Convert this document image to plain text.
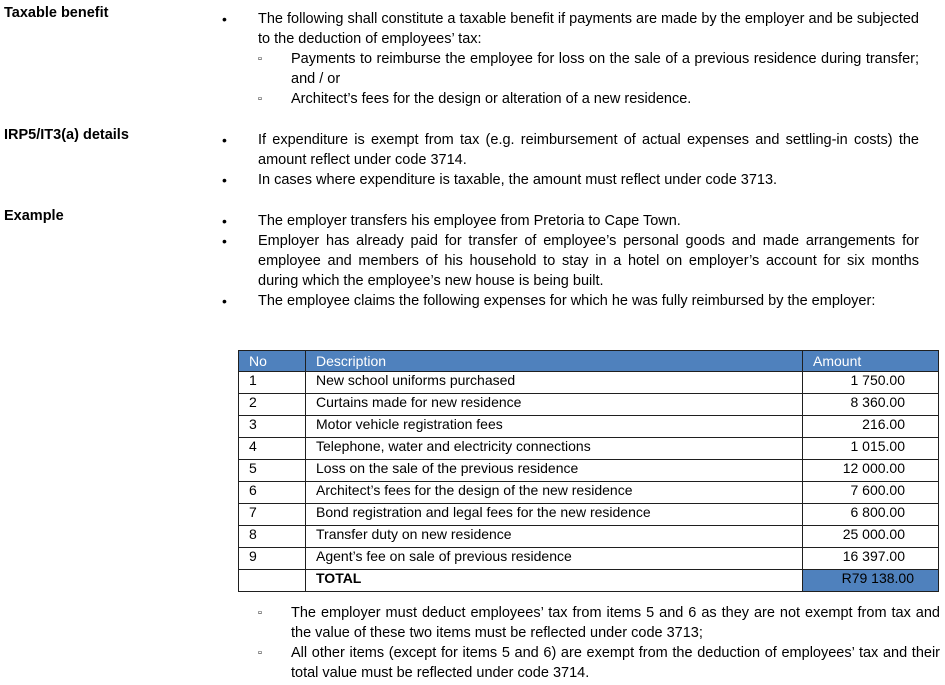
Taxable benefit	• The following shall constitute a taxable benefit if payments are made by the employer and be subjected to the deduction of employees’ tax:
▫ Payments to reimburse the employee for loss on the sale of a previous residence during transfer; and / or
▫ Architect’s fees for the design or alteration of a new residence.
IRP5/IT3(a) details	• If expenditure is exempt from tax (e.g. reimbursement of actual expenses and settling-in costs) the amount reflect under code 3714.
• In cases where expenditure is taxable, the amount must reflect under code 3713.
Example	• The employer transfers his employee from Pretoria to Cape Town.
• Employer has already paid for transfer of employee’s personal goods and made arrangements for employee and members of his household to stay in a hotel on employer’s account for six months during which the employee’s new house is being built.
• The employee claims the following expenses for which he was fully reimbursed by the employer:
No	Description	Amount
1	New school uniforms purchased	1 750.00
2	Curtains made for new residence	8 360.00
3	Motor vehicle registration fees	216.00
4	Telephone, water and electricity connections	1 015.00
5	Loss on the sale of the previous residence	12 000.00
6	Architect’s fees for the design of the new residence	7 600.00
7	Bond registration and legal fees for the new residence	6 800.00
8	Transfer duty on new residence	25 000.00
9	Agent’s fee on sale of previous residence	16 397.00
	TOTAL	R79 138.00
▫ The employer must deduct employees’ tax from items 5 and 6 as they are not exempt from tax and the value of these two items must be reflected under code 3713;
▫ All other items (except for items 5 and 6) are exempt from the deduction of employees’ tax and their total value must be reflected under code 3714.
